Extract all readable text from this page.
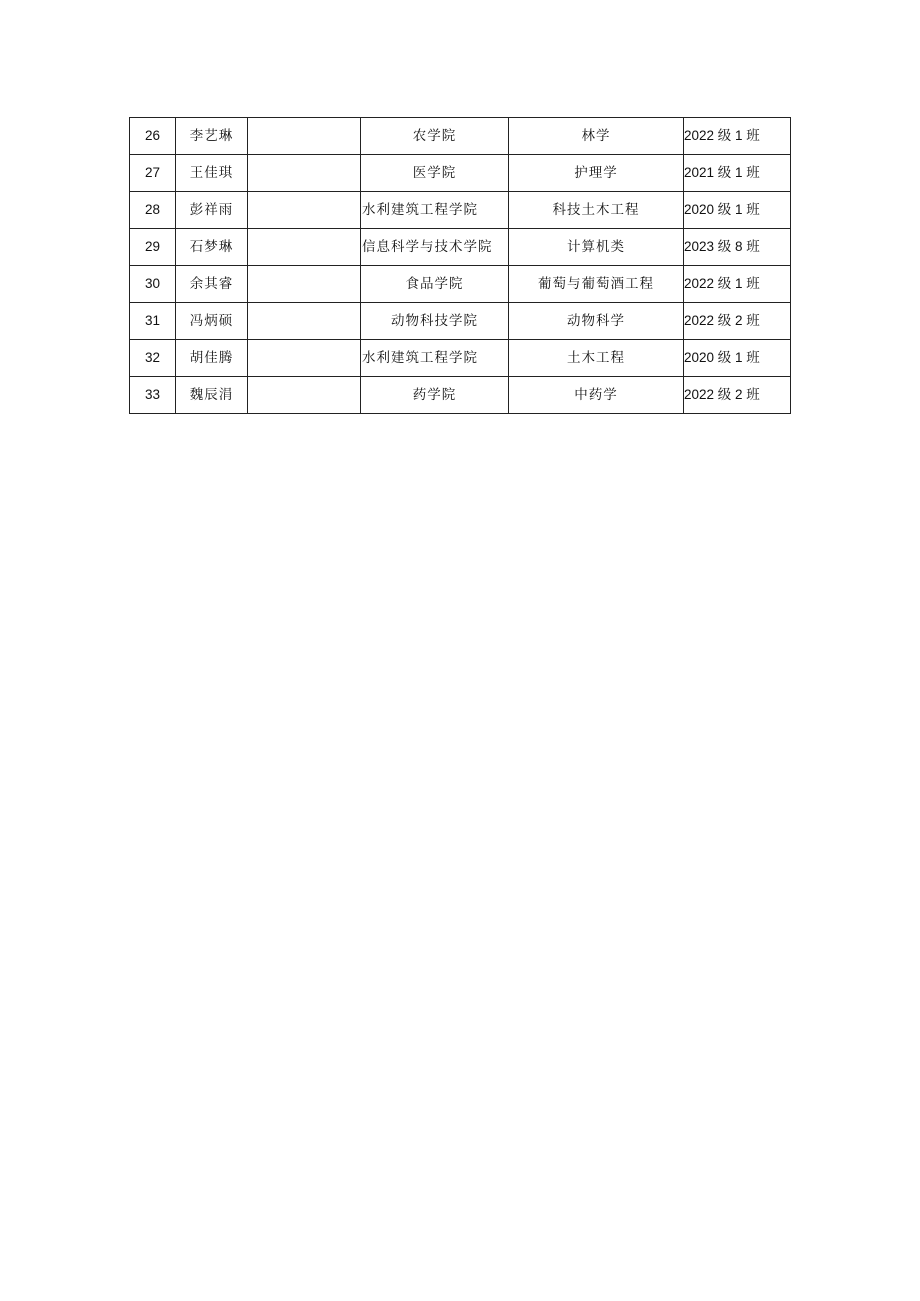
26	李艺琳		农学院	林学	2022 级 1 班
27	王佳琪		医学院	护理学	2021 级 1 班
28	彭祥雨		水利建筑工程学院	科技土木工程	2020 级 1 班
29	石梦琳		信息科学与技术学院	计算机类	2023 级 8 班
30	余其睿		食品学院	葡萄与葡萄酒工程	2022 级 1 班
31	冯炳硕		动物科技学院	动物科学	2022 级 2 班
32	胡佳腾		水利建筑工程学院	土木工程	2020 级 1 班
33	魏辰涓		药学院	中药学	2022 级 2 班
